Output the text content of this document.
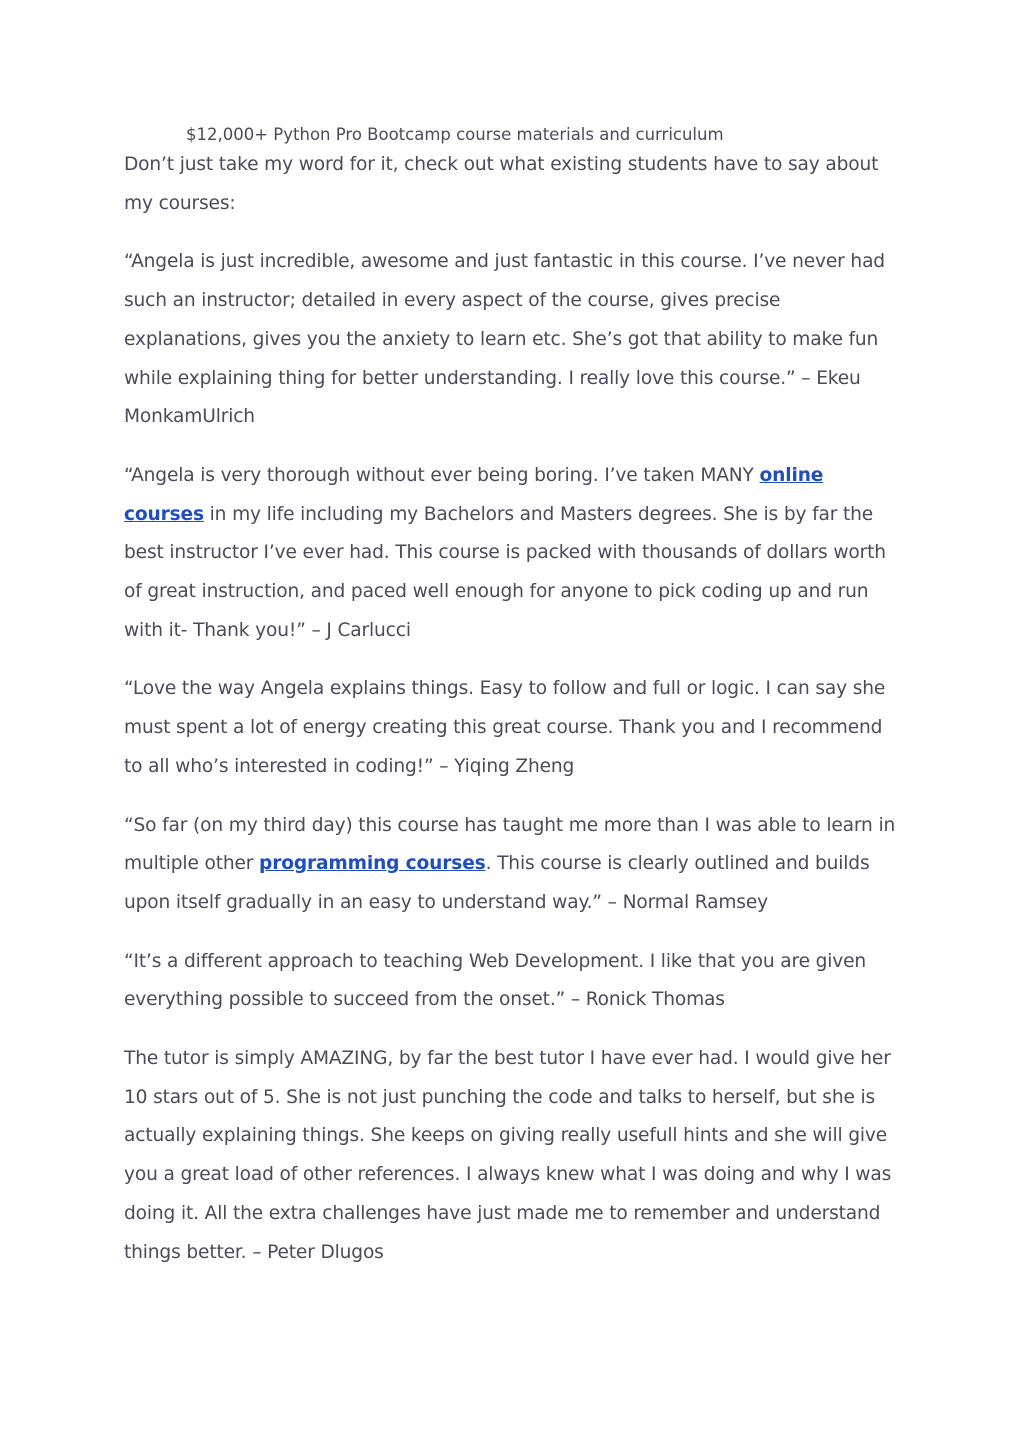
$12,000+ Python Pro Bootcamp course materials and curriculum

Don’t just take my word for it, check out what existing students have to say about my courses:

“Angela is just incredible, awesome and just fantastic in this course. I’ve never had such an instructor; detailed in every aspect of the course, gives precise explanations, gives you the anxiety to learn etc. She’s got that ability to make fun while explaining thing for better understanding. I really love this course.” – Ekeu MonkamUlrich

“Angela is very thorough without ever being boring. I’ve taken MANY online courses in my life including my Bachelors and Masters degrees. She is by far the best instructor I’ve ever had. This course is packed with thousands of dollars worth of great instruction, and paced well enough for anyone to pick coding up and run with it- Thank you!” – J Carlucci

“Love the way Angela explains things. Easy to follow and full or logic. I can say she must spent a lot of energy creating this great course. Thank you and I recommend to all who’s interested in coding!” – Yiqing Zheng

“So far (on my third day) this course has taught me more than I was able to learn in multiple other programming courses. This course is clearly outlined and builds upon itself gradually in an easy to understand way.” – Normal Ramsey

“It’s a different approach to teaching Web Development. I like that you are given everything possible to succeed from the onset.” – Ronick Thomas

The tutor is simply AMAZING, by far the best tutor I have ever had. I would give her 10 stars out of 5. She is not just punching the code and talks to herself, but she is actually explaining things. She keeps on giving really usefull hints and she will give you a great load of other references. I always knew what I was doing and why I was doing it. All the extra challenges have just made me to remember and understand things better. – Peter Dlugos
